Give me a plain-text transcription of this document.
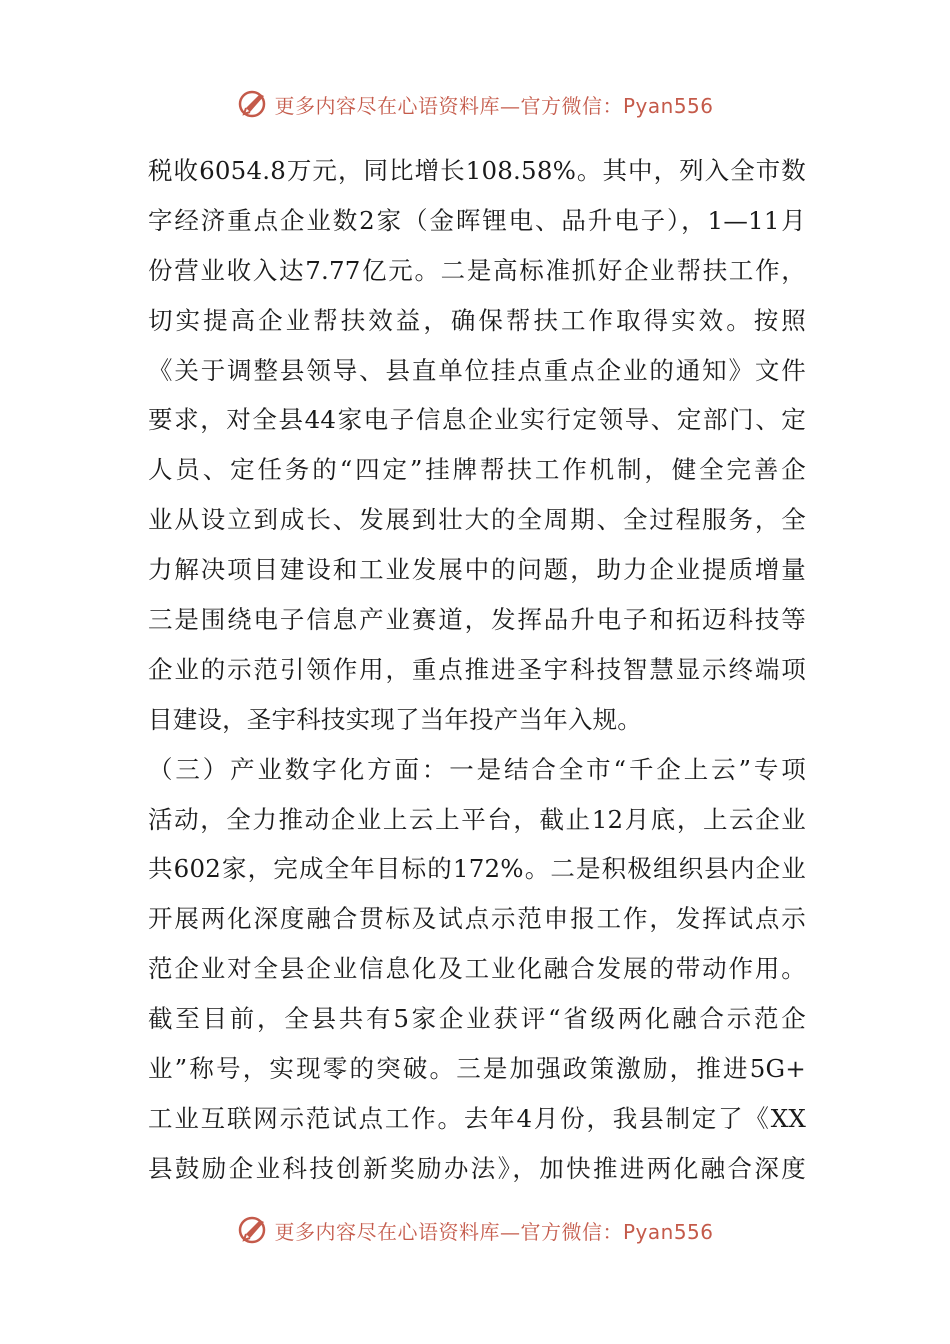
更多内容尽在心语资料库—官方微信：Pyan556
税收6054.8万元，同比增长108.58%。其中，列入全市数
字经济重点企业数2家（金晖锂电、品升电子），1—11月
份营业收入达7.77亿元。二是高标准抓好企业帮扶工作，
切实提高企业帮扶效益，确保帮扶工作取得实效。按照
《关于调整县领导、县直单位挂点重点企业的通知》文件
要求，对全县44家电子信息企业实行定领导、定部门、定
人员、定任务的“四定”挂牌帮扶工作机制，健全完善企
业从设立到成长、发展到壮大的全周期、全过程服务，全
力解决项目建设和工业发展中的问题，助力企业提质增量
三是围绕电子信息产业赛道，发挥品升电子和拓迈科技等
企业的示范引领作用，重点推进圣宇科技智慧显示终端项
目建设，圣宇科技实现了当年投产当年入规。
（三）产业数字化方面：一是结合全市“千企上云”专项
活动，全力推动企业上云上平台，截止12月底，上云企业
共602家，完成全年目标的172%。二是积极组织县内企业
开展两化深度融合贯标及试点示范申报工作，发挥试点示
范企业对全县企业信息化及工业化融合发展的带动作用。
截至目前，全县共有5家企业获评“省级两化融合示范企
业”称号，实现零的突破。三是加强政策激励，推进5G+
工业互联网示范试点工作。去年4月份，我县制定了《XX
县鼓励企业科技创新奖励办法》，加快推进两化融合深度
更多内容尽在心语资料库—官方微信：Pyan556
